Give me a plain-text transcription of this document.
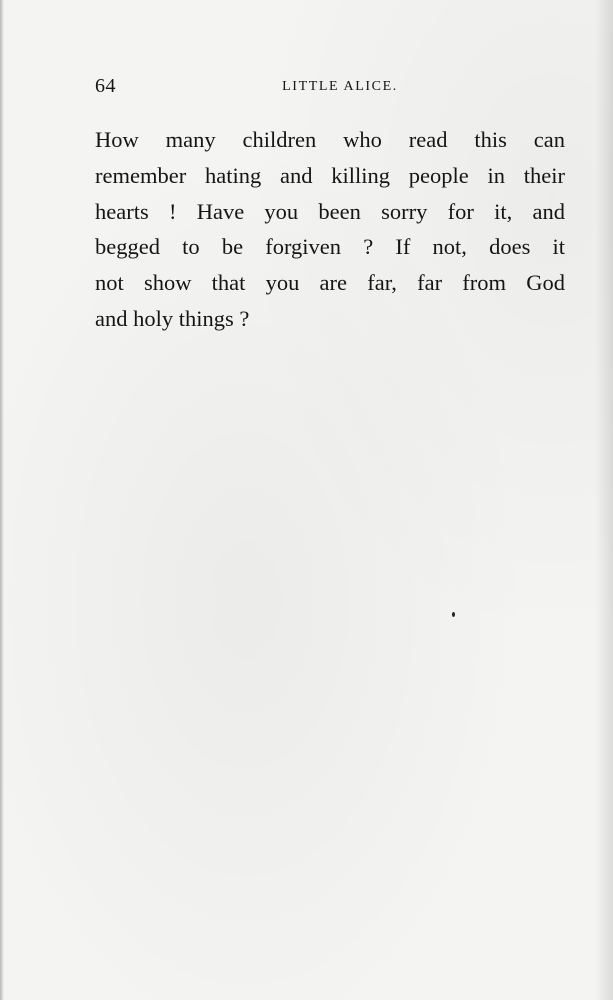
64	LITTLE ALICE.
How many children who read this can
remember hating and killing people in their
hearts ! Have you been sorry for it, and
begged to be forgiven ? If not, does it
not show that you are far, far from God
and holy things ?
